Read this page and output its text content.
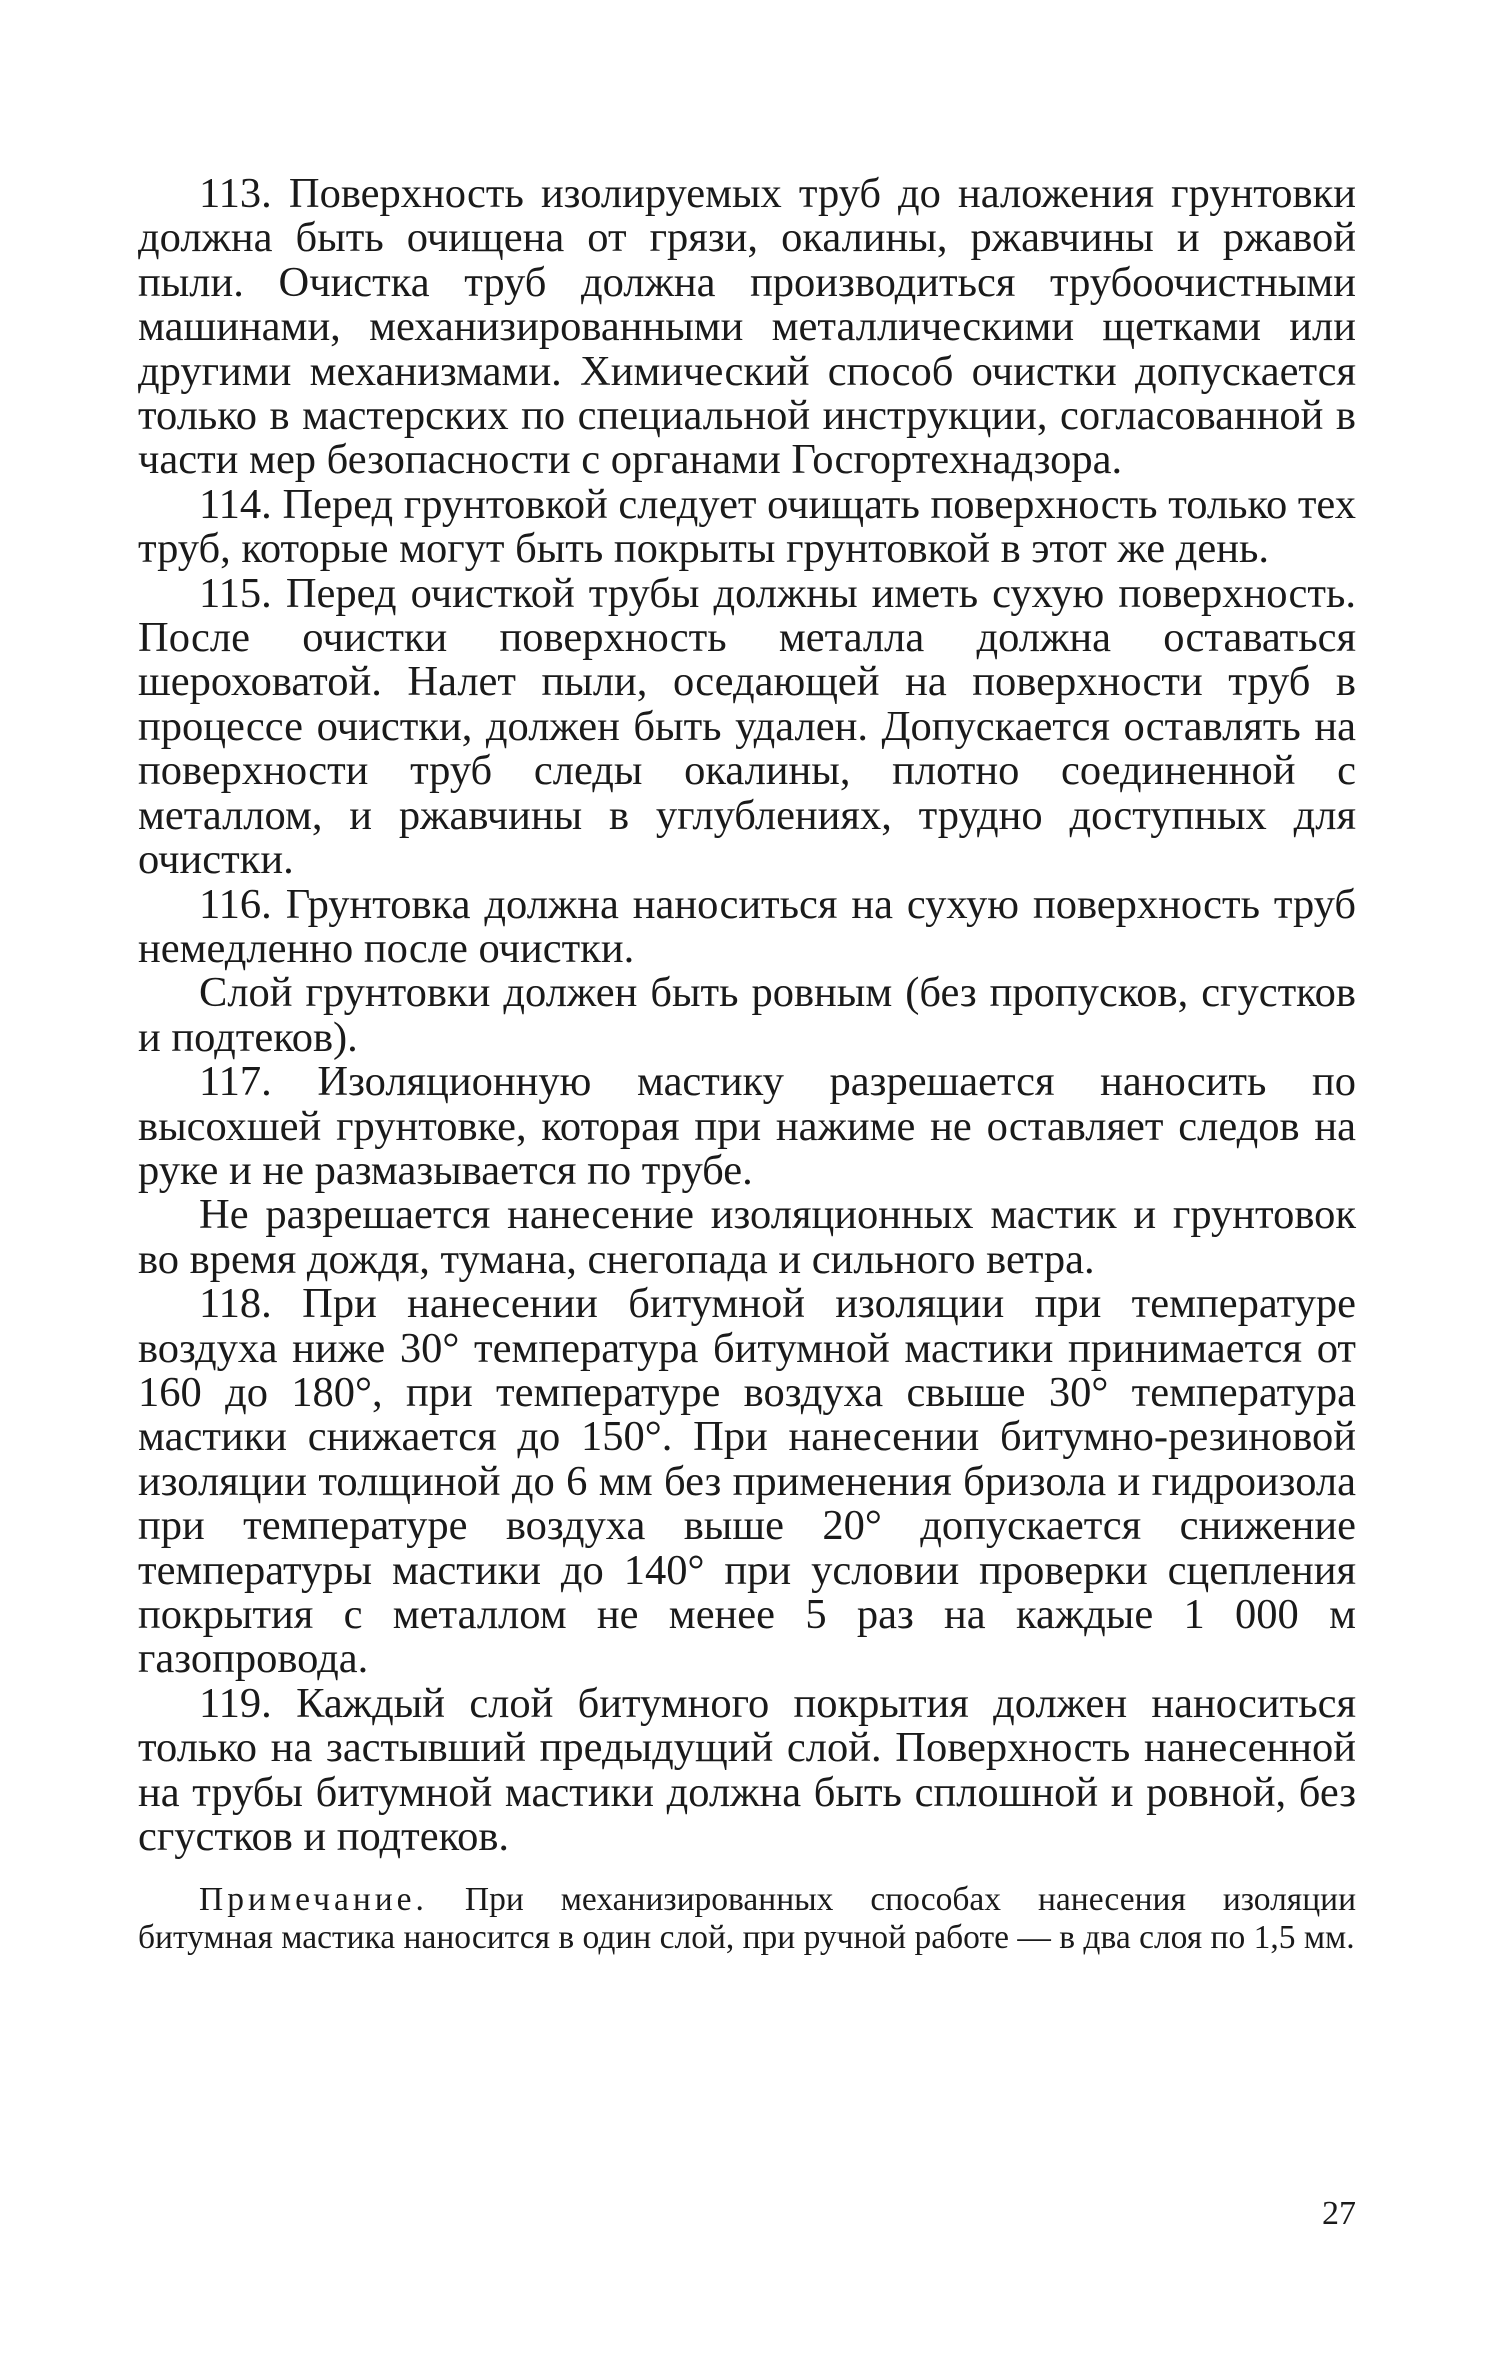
113. Поверхность изолируемых труб до наложения грунтовки должна быть очищена от грязи, окалины, ржавчины и ржавой пыли. Очистка труб должна производиться трубоочистными машинами, механизированными металлическими щетками или другими механизмами. Химический способ очистки допускается только в мастерских по специальной инструкции, согласованной в части мер безопасности с органами Госгортехнадзора.

114. Перед грунтовкой следует очищать поверхность только тех труб, которые могут быть покрыты грунтовкой в этот же день.

115. Перед очисткой трубы должны иметь сухую поверхность. После очистки поверхность металла должна оставаться шероховатой. Налет пыли, оседающей на поверхности труб в процессе очистки, должен быть удален. Допускается оставлять на поверхности труб следы окалины, плотно соединенной с металлом, и ржавчины в углублениях, трудно доступных для очистки.

116. Грунтовка должна наноситься на сухую поверхность труб немедленно после очистки.

Слой грунтовки должен быть ровным (без пропусков, сгустков и подтеков).

117. Изоляционную мастику разрешается наносить по высохшей грунтовке, которая при нажиме не оставляет следов на руке и не размазывается по трубе.

Не разрешается нанесение изоляционных мастик и грунтовок во время дождя, тумана, снегопада и сильного ветра.

118. При нанесении битумной изоляции при температуре воздуха ниже 30° температура битумной мастики принимается от 160 до 180°, при температуре воздуха свыше 30° температура мастики снижается до 150°. При нанесении битумно-резиновой изоляции толщиной до 6 мм без применения бризола и гидроизола при температуре воздуха выше 20° допускается снижение температуры мастики до 140° при условии проверки сцепления покрытия с металлом не менее 5 раз на каждые 1 000 м газопровода.

119. Каждый слой битумного покрытия должен наноситься только на застывший предыдущий слой. Поверхность нанесенной на трубы битумной мастики должна быть сплошной и ровной, без сгустков и подтеков.

Примечание. При механизированных способах нанесения изоляции битумная мастика наносится в один слой, при ручной работе — в два слоя по 1,5 мм.

27
